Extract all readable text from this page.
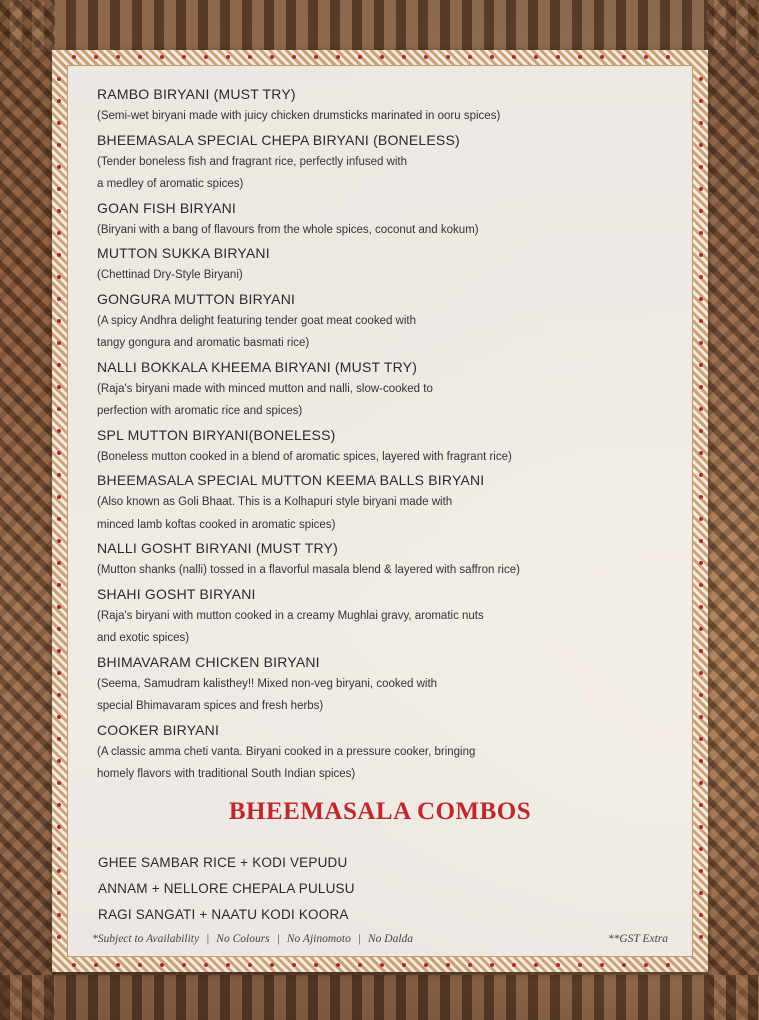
RAMBO BIRYANI (MUST TRY)
(Semi-wet biryani made with juicy chicken drumsticks marinated in ooru spices)
BHEEMASALA SPECIAL CHEPA BIRYANI (BONELESS)
(Tender boneless fish and fragrant rice, perfectly infused with
a medley of aromatic spices)
GOAN FISH BIRYANI
(Biryani with a bang of flavours from the whole spices, coconut and kokum)
MUTTON SUKKA BIRYANI
(Chettinad Dry-Style Biryani)
GONGURA MUTTON BIRYANI
(A spicy Andhra delight featuring tender goat meat cooked with
tangy gongura and aromatic basmati rice)
NALLI BOKKALA KHEEMA BIRYANI (MUST TRY)
(Raja's biryani made with minced mutton and nalli, slow-cooked to
perfection with aromatic rice and spices)
SPL MUTTON BIRYANI(BONELESS)
(Boneless mutton cooked in a blend of aromatic spices, layered with fragrant rice)
BHEEMASALA SPECIAL MUTTON KEEMA BALLS BIRYANI
(Also known as Goli Bhaat. This is a Kolhapuri style biryani made with
minced lamb koftas cooked in aromatic spices)
NALLI GOSHT BIRYANI (MUST TRY)
(Mutton shanks (nalli) tossed in a flavorful masala blend & layered with saffron rice)
SHAHI GOSHT BIRYANI
(Raja's biryani with mutton cooked in a creamy Mughlai gravy, aromatic nuts
and exotic spices)
BHIMAVARAM CHICKEN BIRYANI
(Seema, Samudram kalisthey!! Mixed non-veg biryani, cooked with
special Bhimavaram spices and fresh herbs)
COOKER BIRYANI
(A classic amma cheti vanta. Biryani cooked in a pressure cooker, bringing
homely flavors with traditional South Indian spices)
BHEEMASALA COMBOS
GHEE SAMBAR RICE + KODI VEPUDU
ANNAM + NELLORE CHEPALA PULUSU
RAGI SANGATI + NAATU KODI KOORA
*Subject to Availability | No Colours | No Ajinomoto | No Dalda	**GST Extra
